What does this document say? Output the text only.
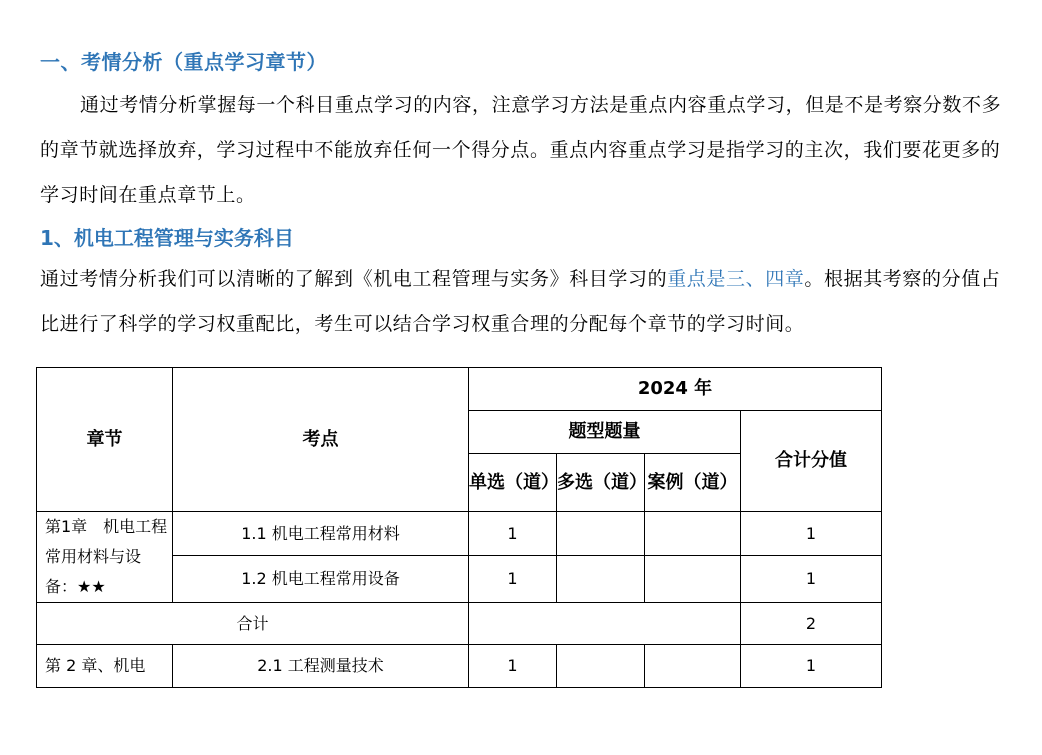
一、考情分析（重点学习章节）
通过考情分析掌握每一个科目重点学习的内容，注意学习方法是重点内容重点学习，但是不是考察分数不多的章节就选择放弃，学习过程中不能放弃任何一个得分点。重点内容重点学习是指学习的主次，我们要花更多的学习时间在重点章节上。
1、机电工程管理与实务科目
通过考情分析我们可以清晰的了解到《机电工程管理与实务》科目学习的重点是三、四章。根据其考察的分值占比进行了科学的学习权重配比，考生可以结合学习权重合理的分配每个章节的学习时间。
章节	考点	2024 年			
		题型题量			合计分值
		单选（道）	多选（道）	案例（道）	
第1章　机电工程常用材料与设备：★★	1.1 机电工程常用材料	1			1
	1.2 机电工程常用设备	1			1
合计					2
第 2 章、机电	2.1 工程测量技术	1			1
